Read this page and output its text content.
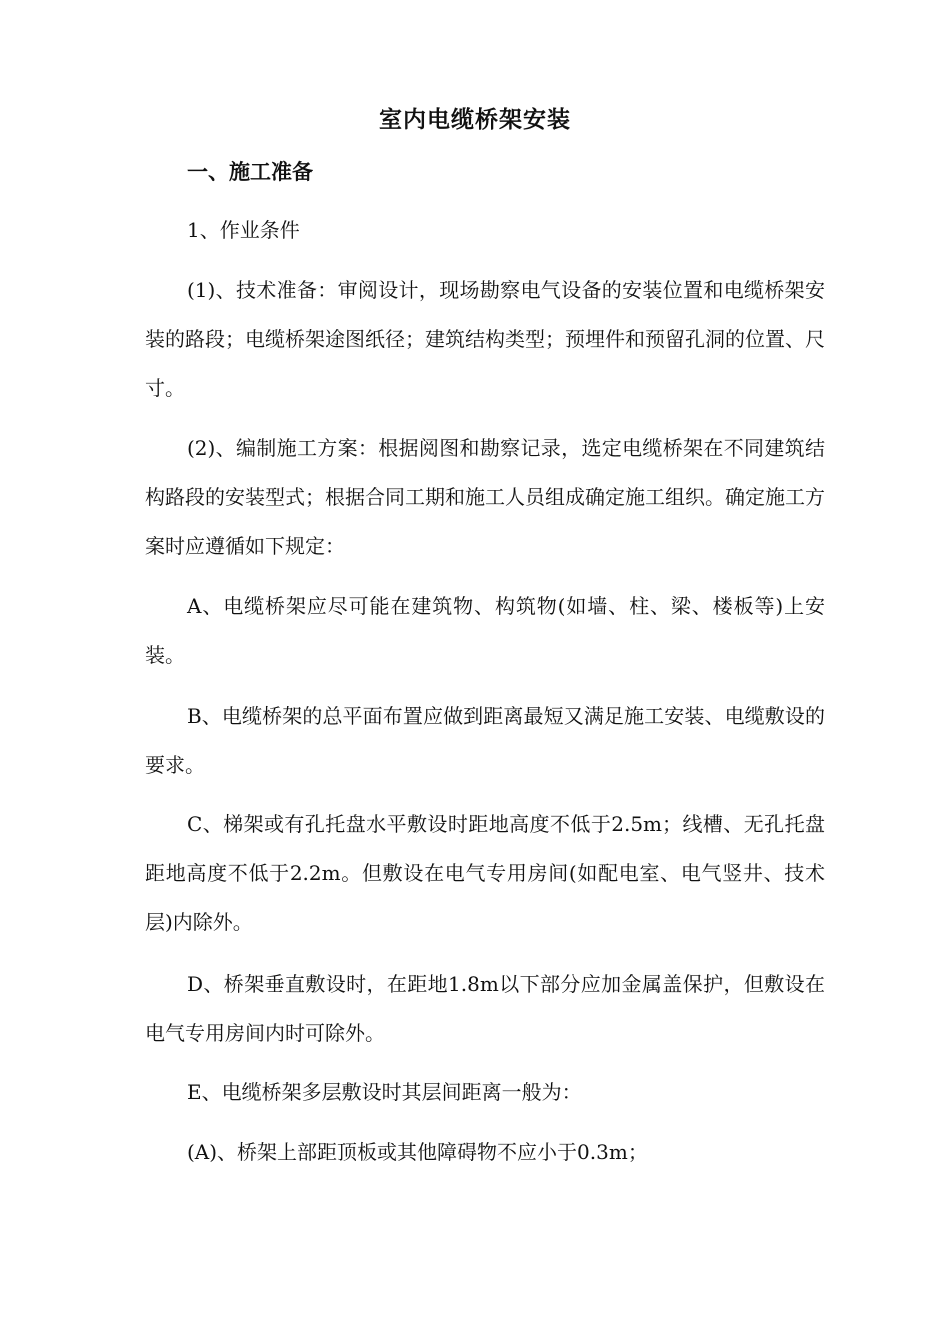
室内电缆桥架安装
一、施工准备
1、作业条件

(1)、技术准备：审阅设计，现场勘察电气设备的安装位置和电缆桥架安装的路段；电缆桥架途图纸径；建筑结构类型；预埋件和预留孔洞的位置、尺寸。

(2)、编制施工方案：根据阅图和勘察记录，选定电缆桥架在不同建筑结构路段的安装型式；根据合同工期和施工人员组成确定施工组织。确定施工方案时应遵循如下规定：

A、电缆桥架应尽可能在建筑物、构筑物(如墙、柱、梁、楼板等)上安装。

B、电缆桥架的总平面布置应做到距离最短又满足施工安装、电缆敷设的要求。

C、梯架或有孔托盘水平敷设时距地高度不低于2.5m；线槽、无孔托盘距地高度不低于2.2m。但敷设在电气专用房间(如配电室、电气竖井、技术层)内除外。

D、桥架垂直敷设时，在距地1.8m以下部分应加金属盖保护，但敷设在电气专用房间内时可除外。

E、电缆桥架多层敷设时其层间距离一般为：

(A)、桥架上部距顶板或其他障碍物不应小于0.3m；
